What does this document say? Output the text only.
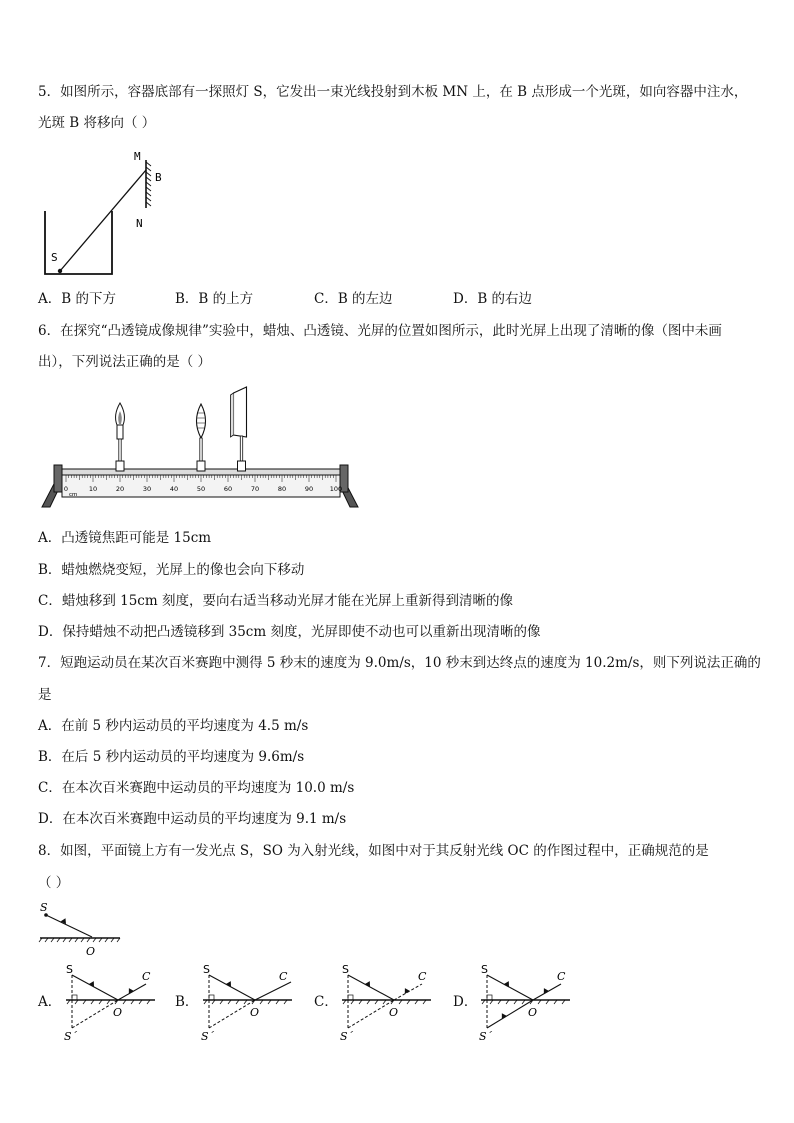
5．如图所示，容器底部有一探照灯 S，它发出一束光线投射到木板 MN 上，在 B 点形成一个光斑，如向容器中注水，
光斑 B 将移向（ ）
M
B
N
S
A．B 的下方	B．B 的上方	C．B 的左边	D．B 的右边
6．在探究“凸透镜成像规律”实验中，蜡烛、凸透镜、光屏的位置如图所示，此时光屏上出现了清晰的像（图中未画
出），下列说法正确的是（ ）
0	10	20	30	40	50	60	70	80	90	100
cm
A．凸透镜焦距可能是 15cm
B．蜡烛燃烧变短，光屏上的像也会向下移动
C．蜡烛移到 15cm 刻度，要向右适当移动光屏才能在光屏上重新得到清晰的像
D．保持蜡烛不动把凸透镜移到 35cm 刻度，光屏即使不动也可以重新出现清晰的像
7．短跑运动员在某次百米赛跑中测得 5 秒末的速度为 9.0m/s，10 秒末到达终点的速度为 10.2m/s，则下列说法正确的
是
A．在前 5 秒内运动员的平均速度为 4.5 m/s
B．在后 5 秒内运动员的平均速度为 9.6m/s
C．在本次百米赛跑中运动员的平均速度为 10.0 m/s
D．在本次百米赛跑中运动员的平均速度为 9.1 m/s
8．如图，平面镜上方有一发光点 S，SO 为入射光线，如图中对于其反射光线 OC 的作图过程中，正确规范的是
（ ）
S
O
A．	B．	C．	D．
S
C
O
S´
S
C
O
S´
S
C
O
S´
S
C
O
S´
